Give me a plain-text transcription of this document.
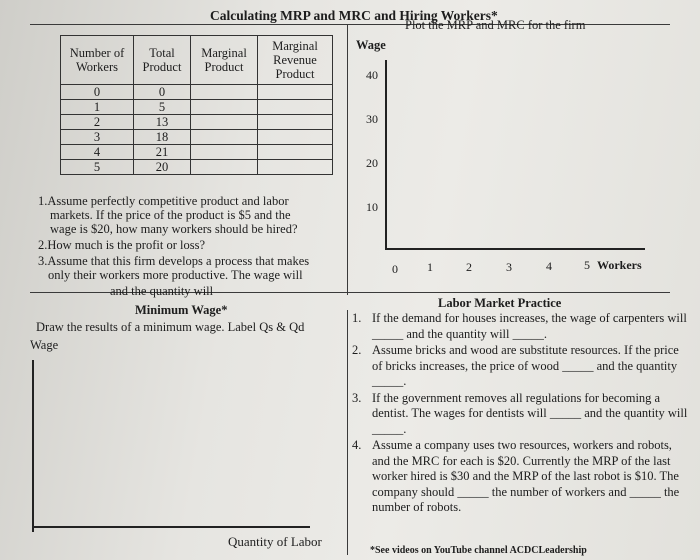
Calculating MRP and MRC and Hiring Workers*
Plot the MRP and MRC for the firm
Number of Workers	Total Product	Marginal Product	Marginal Revenue Product
0	0		
1	5		
2	13		
3	18		
4	21		
5	20		
1.Assume perfectly competitive product and labor
markets. If the price of the product is $5 and the
wage is $20, how many workers should be hired?
2.How much is the profit or loss?
3.Assume that this firm develops a process that makes
only their workers more productive. The wage will
and the quantity will
Wage
40
30
20
10
0 1	2	3	4	5 Workers
Minimum Wage*
Draw the results of a minimum wage. Label Qs & Qd
Wage
Quantity of Labor
Labor Market Practice
1. If the demand for houses increases, the wage of carpenters will _____ and the quantity will _____.
2. Assume bricks and wood are substitute resources. If the price of bricks increases, the price of wood _____ and the quantity _____.
3. If the government removes all regulations for becoming a dentist. The wages for dentists will _____ and the quantity will _____.
4. Assume a company uses two resources, workers and robots, and the MRC for each is $20. Currently the MRP of the last worker hired is $30 and the MRP of the last robot is $10. The company should _____ the number of workers and _____ the number of robots.
*See videos on YouTube channel ACDCLeadership
